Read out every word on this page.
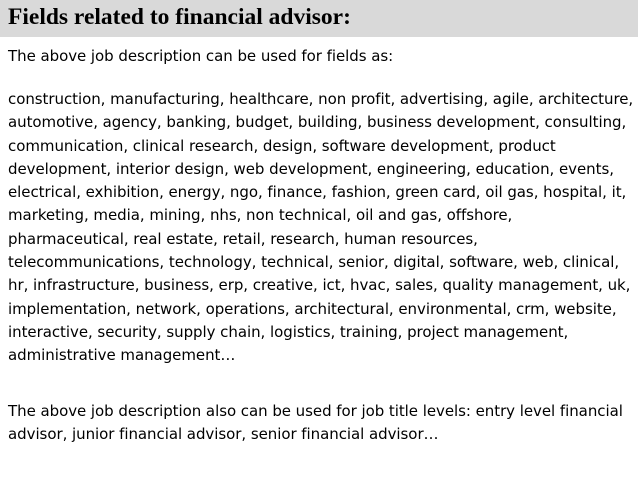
Fields related to financial advisor:

The above job description can be used for fields as:

construction, manufacturing, healthcare, non profit, advertising, agile, architecture, automotive, agency, banking, budget, building, business development, consulting, communication, clinical research, design, software development, product development, interior design, web development, engineering, education, events, electrical, exhibition, energy, ngo, finance, fashion, green card, oil gas, hospital, it, marketing, media, mining, nhs, non technical, oil and gas, offshore, pharmaceutical, real estate, retail, research, human resources, telecommunications, technology, technical, senior, digital, software, web, clinical, hr, infrastructure, business, erp, creative, ict, hvac, sales, quality management, uk, implementation, network, operations, architectural, environmental, crm, website, interactive, security, supply chain, logistics, training, project management, administrative management…

The above job description also can be used for job title levels: entry level financial advisor, junior financial advisor, senior financial advisor…
